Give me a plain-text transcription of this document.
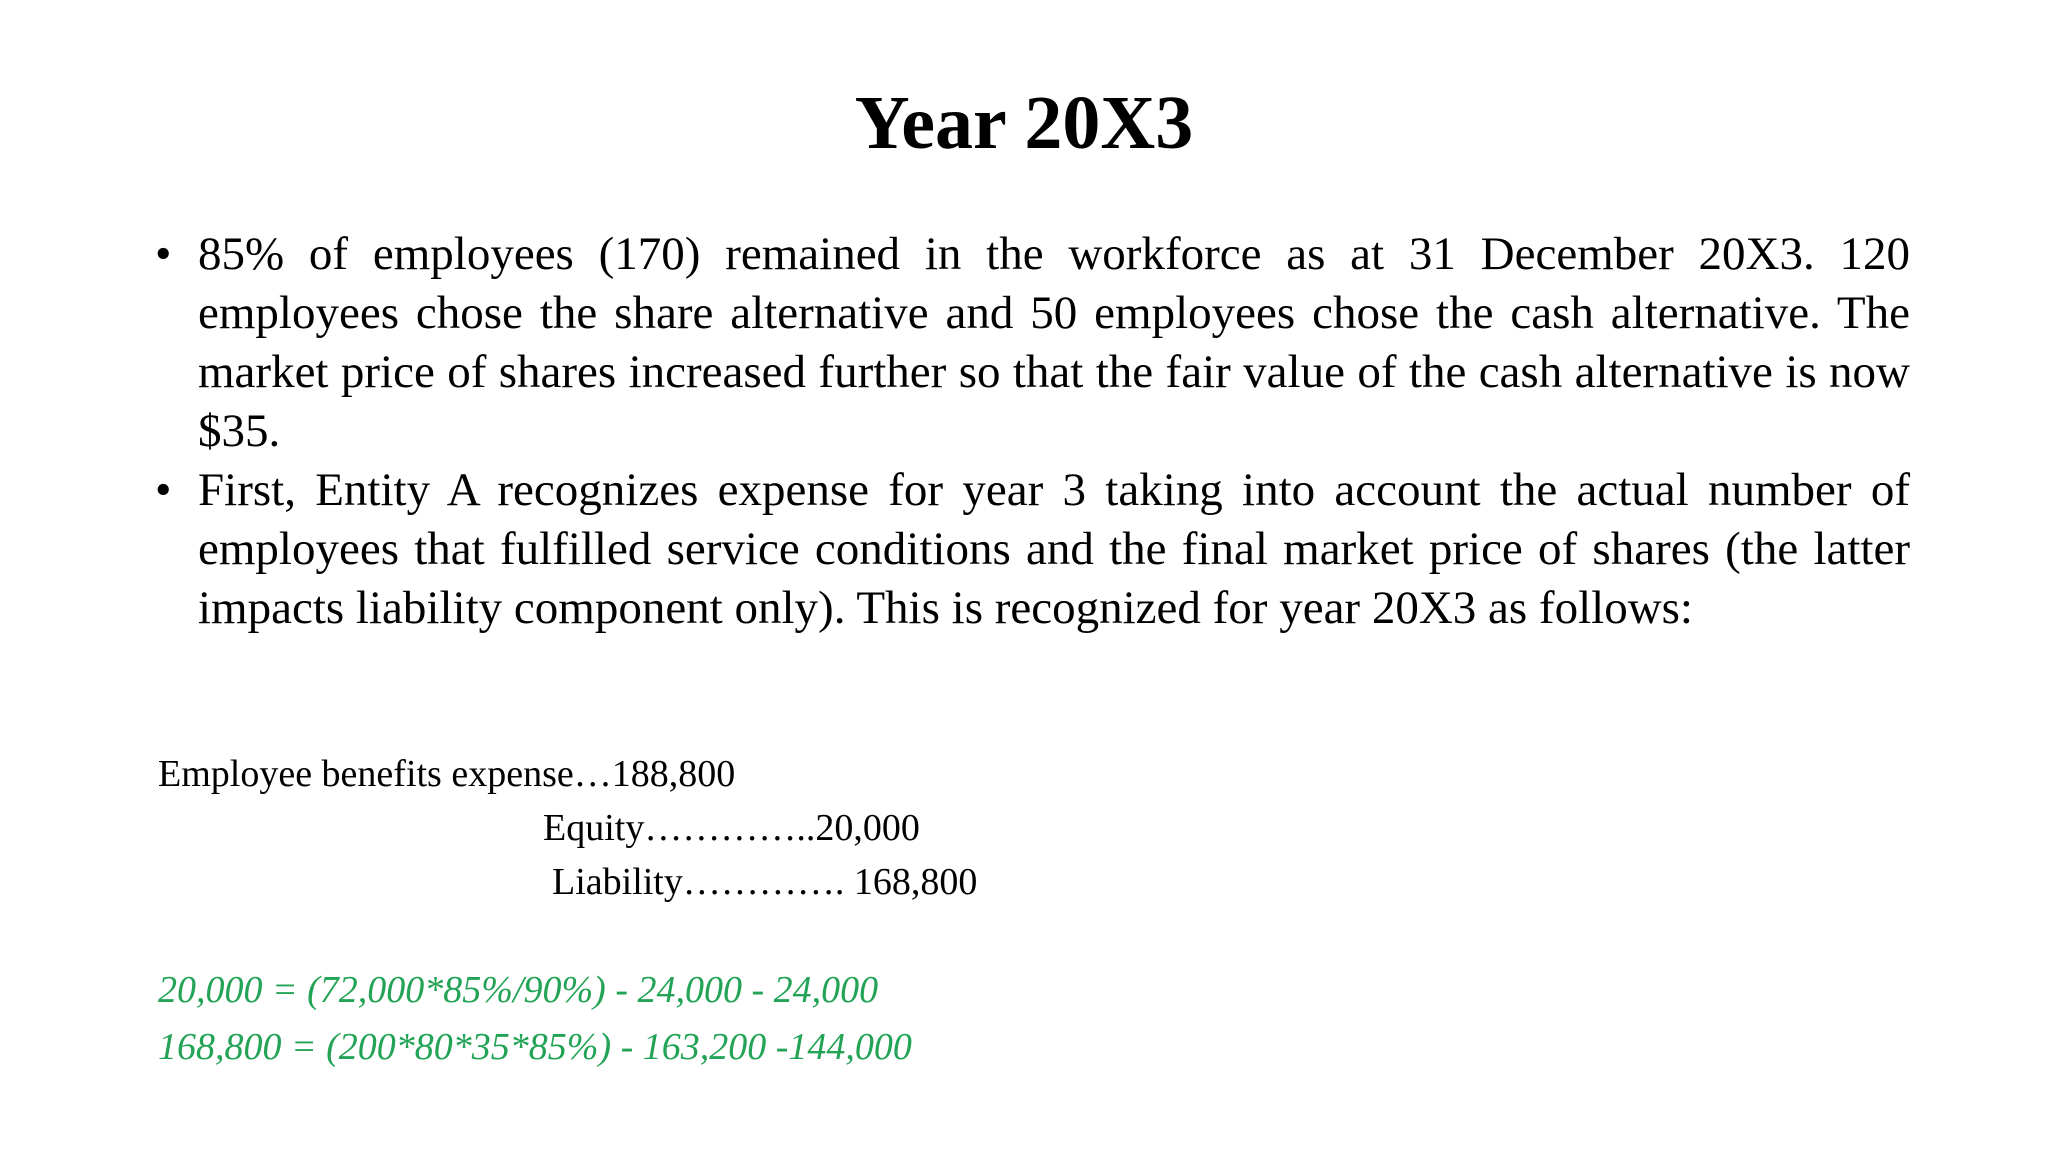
Year 20X3
• 85% of employees (170) remained in the workforce as at 31 December 20X3. 120 employees chose the share alternative and 50 employees chose the cash alternative. The market price of shares increased further so that the fair value of the cash alternative is now $35.
• First, Entity A recognizes expense for year 3 taking into account the actual number of employees that fulfilled service conditions and the final market price of shares (the latter impacts liability component only). This is recognized for year 20X3 as follows:
Employee benefits expense…188,800
Equity…………..20,000
Liability…………. 168,800
20,000 = (72,000*85%/90%) - 24,000 - 24,000
168,800 = (200*80*35*85%) - 163,200 -144,000
